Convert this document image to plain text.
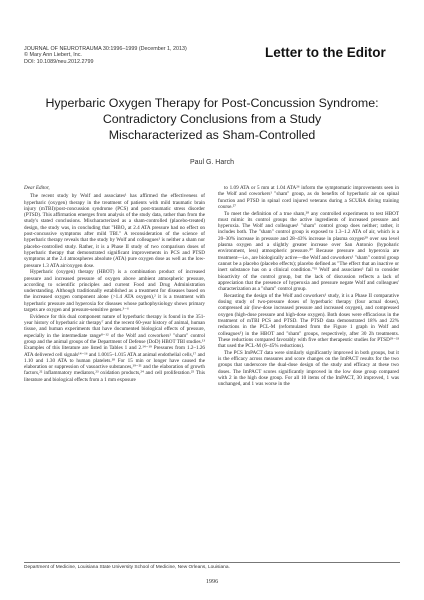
JOURNAL OF NEUROTRAUMA 30:1996–1999 (December 1, 2013)
© Mary Ann Liebert, Inc.
DOI: 10.1089/neu.2012.2799
Letter to the Editor
Hyperbaric Oxygen Therapy for Post-Concussion Syndrome:
Contradictory Conclusions from a Study
Mischaracterized as Sham-Controlled
Paul G. Harch

Dear Editor,

The recent study by Wolf and associates¹ has affirmed the effectiveness of hyperbaric (oxygen) therapy in the treatment of patients with mild traumatic brain injury (mTBI)/post-concussion syndrome (PCS) and post-traumatic stress disorder (PTSD). This affirmation emerges from analysis of the study data, rather than from the study's stated conclusions. Mischaracterized as a sham-controlled (placebo-treated) design, the study was, in concluding that "HBO₂ at 2.4 ATA pressure had no effect on post-concussive symptoms after mild TBI." A reconsideration of the science of hyperbaric therapy reveals that the study by Wolf and colleagues¹ is neither a sham nor placebo-controlled study. Rather, it is a Phase II study of two comparison doses of hyperbaric therapy that demonstrated significant improvements in PCS and PTSD symptoms at the 2.4 atmospheres absolute (ATA) pure oxygen dose as well as the low-pressure 1.3 ATA air/oxygen dose.

Hyperbaric (oxygen) therapy (HBOT) is a combination product of increased pressure and increased pressure of oxygen above ambient atmospheric pressure, according to scientific principles and current Food and Drug Administration understanding. Although traditionally established as a treatment for diseases based on the increased oxygen component alone (>1.4 ATA oxygen),² it is a treatment with hyperbaric pressure and hyperoxia for diseases whose pathophysiology shows primary targets are oxygen and pressure-sensitive genes.³⁻⁶

Evidence for this dual component nature of hyperbaric therapy is found in the 351-year history of hyperbaric air therapy⁷ and the recent 60-year history of animal, human tissue, and human experiments that have documented biological effects of pressure, especially in the intermediate range⁸⁻¹² of the Wolf and coworkers¹ "sham" control group and the animal groups of the Department of Defense (DoD) HBOT TBI studies.¹³ Examples of this literature are listed in Tables 1 and 2.¹⁴⁻¹⁹ Pressures from 1.2–1.26 ATA delivered cell signals¹⁴⁻¹⁶ and 1.0015–1.015 ATA at animal endothelial cells,¹⁷ and 1.10 and 1.30 ATA to human platelets.¹⁸ For 15 min or longer have caused the elaboration or suppression of vasoactive substances,¹⁹⁻²¹ and the elaboration of growth factors,²² inflammatory mediators,²³ oxidation products,²⁴ and cell proliferation.²⁵ This literature and biological effects from a 1 mm exposure

to 1.09 ATA or 5 mm at 1.04 ATA²⁶ inform the symptomatic improvements seen in the Wolf and coworkers¹ "sham" group, as do benefits of hyperbaric air on spinal function and PTSD in spinal cord injured veterans during a SCUBA diving training course.²⁷

To meet the definition of a true sham,²⁸ any controlled experiments to test HBOT must mimic its control groups the active ingredients of increased pressure and hyperoxia. The Wolf and colleagues¹ "sham" control group does neither; rather, it includes both. The "sham" control group is exposed to 1.3–1.2 ATA of air, which is a 20–30% increase in pressure and 28–43% increase in plasma oxygen²⁹ over sea level plasma oxygen and a slightly greater increase over San Antonio (hypobaric environment, less) atmospheric pressure.³⁰ Because pressure and hyperoxia are treatment—i.e., are biologically active—the Wolf and coworkers¹ "sham" control group cannot be a placebo (placebo effects); placebo defined as "The effect that an inactive or inert substance has on a clinical condition."³¹ Wolf and associates¹ fail to consider bioactivity of the control group, but the lack of discussion reflects a lack of appreciation that the presence of hyperoxia and pressure negate Wolf and colleagues' characterization as a "sham" control group.

Recasting the design of the Wolf and coworkers¹ study, it is a Phase II comparative dosing study of two-pressure doses of hyperbaric therapy (four actual doses), compressed air (low-dose increased pressure and increased oxygen), and compressed oxygen (high-dose pressure and high-dose oxygen). Both doses were efficacious in the treatment of mTBI PCS and PTSD. The PTSD data demonstrated 18% and 22% reductions in the PCL-M (reformulated from the Figure 1 graph in Wolf and colleagues¹) in the HBOT and "sham" groups, respectively, after 30 2h treatments. These reductions compared favorably with five other therapeutic studies for PTSD²⁹⁻³³ that used the PCL-M (6–45% reductions).

The PCS ImPACT data were similarly significantly improved in both groups, but it is the efficacy across measures and score changes on the ImPACT results for the two groups that underscore the dual-dose design of the study and efficacy at these two doses. The ImPACT scores significantly improved in the low dose group compared with 2 in the high dose group. For all 10 items of the ImPACT, 30 improved, 1 was unchanged, and 1 was worse in the

Department of Medicine, Louisiana State University School of Medicine, New Orleans, Louisiana.
1996
